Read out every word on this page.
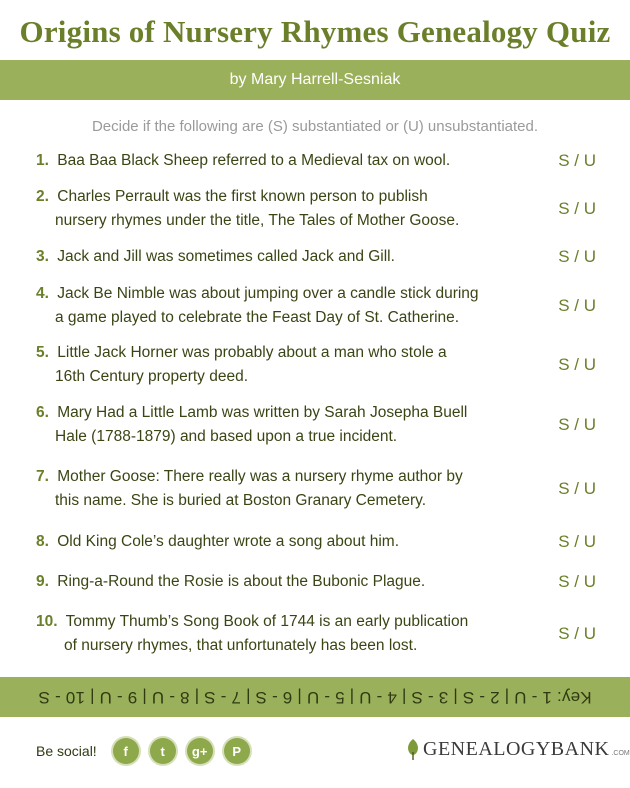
Origins of Nursery Rhymes Genealogy Quiz
by Mary Harrell-Sesniak
Decide if the following are (S) substantiated or (U) unsubstantiated.
1. Baa Baa Black Sheep referred to a Medieval tax on wool.	S / U
2. Charles Perrault was the first known person to publish
nursery rhymes under the title, The Tales of Mother Goose.
S / U
3. Jack and Jill was sometimes called Jack and Gill.	S / U
4. Jack Be Nimble was about jumping over a candle stick during
a game played to celebrate the Feast Day of St. Catherine.
S / U
5. Little Jack Horner was probably about a man who stole a
16th Century property deed.
S / U
6. Mary Had a Little Lamb was written by Sarah Josepha Buell
Hale (1788-1879) and based upon a true incident.
S / U
7. Mother Goose: There really was a nursery rhyme author by
this name. She is buried at Boston Granary Cemetery.
S / U
8. Old King Cole’s daughter wrote a song about him.	S / U
9. Ring-a-Round the Rosie is about the Bubonic Plague.	S / U
10. Tommy Thumb’s Song Book of 1744 is an early publication
of nursery rhymes, that unfortunately has been lost.
S / U
Key: 1 - U | 2 - S | 3 - S | 4 - U | 5 - U | 6 - S | 7 - S | 8 - U | 9 - U | 10 - S
Be social!	f	t	g+	P	GENEALOGYBANK .COM
